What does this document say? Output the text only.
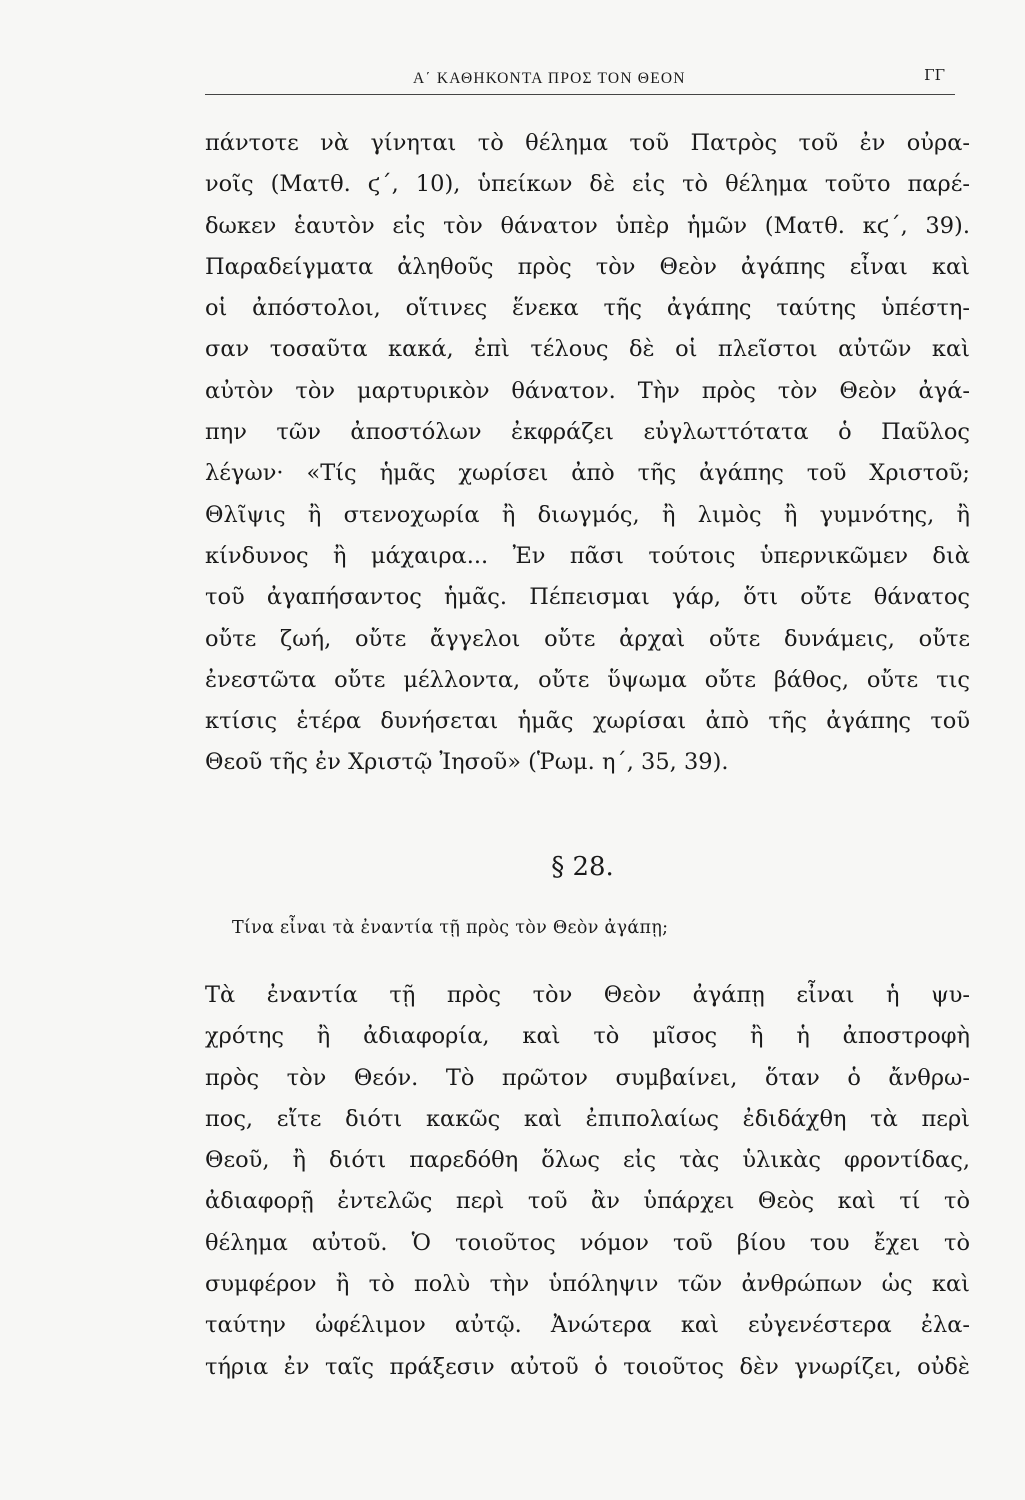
Α΄ ΚΑΘΗΚΟΝΤΑ ΠΡΟΣ ΤΟΝ ΘΕΟΝ	ΓΓ
πάντοτε νὰ γίνηται τὸ θέλημα τοῦ Πατρὸς τοῦ ἐν οὐρα-
νοῖς (Ματθ. ϛ΄, 10), ὑπείκων δὲ εἰς τὸ θέλημα τοῦτο παρέ-
δωκεν ἑαυτὸν εἰς τὸν θάνατον ὑπὲρ ἡμῶν (Ματθ. κϛ΄, 39).
Παραδείγματα ἀληθοῦς πρὸς τὸν Θεὸν ἀγάπης εἶναι καὶ
οἱ ἀπόστολοι, οἵτινες ἕνεκα τῆς ἀγάπης ταύτης ὑπέστη-
σαν τοσαῦτα κακά, ἐπὶ τέλους δὲ οἱ πλεῖστοι αὐτῶν καὶ
αὐτὸν τὸν μαρτυρικὸν θάνατον. Τὴν πρὸς τὸν Θεὸν ἀγά-
πην τῶν ἀποστόλων ἐκφράζει εὐγλωττότατα ὁ Παῦλος
λέγων· «Τίς ἡμᾶς χωρίσει ἀπὸ τῆς ἀγάπης τοῦ Χριστοῦ;
Θλῖψις ἢ στενοχωρία ἢ διωγμός, ἢ λιμὸς ἢ γυμνότης, ἢ
κίνδυνος ἢ μάχαιρα... Ἐν πᾶσι τούτοις ὑπερνικῶμεν διὰ
τοῦ ἀγαπήσαντος ἡμᾶς. Πέπεισμαι γάρ, ὅτι οὔτε θάνατος
οὔτε ζωή, οὔτε ἄγγελοι οὔτε ἀρχαὶ οὔτε δυνάμεις, οὔτε
ἐνεστῶτα οὔτε μέλλοντα, οὔτε ὕψωμα οὔτε βάθος, οὔτε τις
κτίσις ἑτέρα δυνήσεται ἡμᾶς χωρίσαι ἀπὸ τῆς ἀγάπης τοῦ
Θεοῦ τῆς ἐν Χριστῷ Ἰησοῦ» (Ῥωμ. η΄, 35, 39).
§ 28.
Τίνα εἶναι τὰ ἐναντία τῇ πρὸς τὸν Θεὸν ἀγάπῃ;
Τὰ ἐναντία τῇ πρὸς τὸν Θεὸν ἀγάπῃ εἶναι ἡ ψυ-
χρότης ἢ ἀδιαφορία, καὶ τὸ μῖσος ἢ ἡ ἀποστροφὴ
πρὸς τὸν Θεόν. Τὸ πρῶτον συμβαίνει, ὅταν ὁ ἄνθρω-
πος, εἴτε διότι κακῶς καὶ ἐπιπολαίως ἐδιδάχθη τὰ περὶ
Θεοῦ, ἢ διότι παρεδόθη ὅλως εἰς τὰς ὑλικὰς φροντίδας,
ἀδιαφορῇ ἐντελῶς περὶ τοῦ ἂν ὑπάρχει Θεὸς καὶ τί τὸ
θέλημα αὐτοῦ. Ὁ τοιοῦτος νόμον τοῦ βίου του ἔχει τὸ
συμφέρον ἢ τὸ πολὺ τὴν ὑπόληψιν τῶν ἀνθρώπων ὡς καὶ
ταύτην ὠφέλιμον αὐτῷ. Ἀνώτερα καὶ εὐγενέστερα ἐλα-
τήρια ἐν ταῖς πράξεσιν αὐτοῦ ὁ τοιοῦτος δὲν γνωρίζει, οὐδὲ
